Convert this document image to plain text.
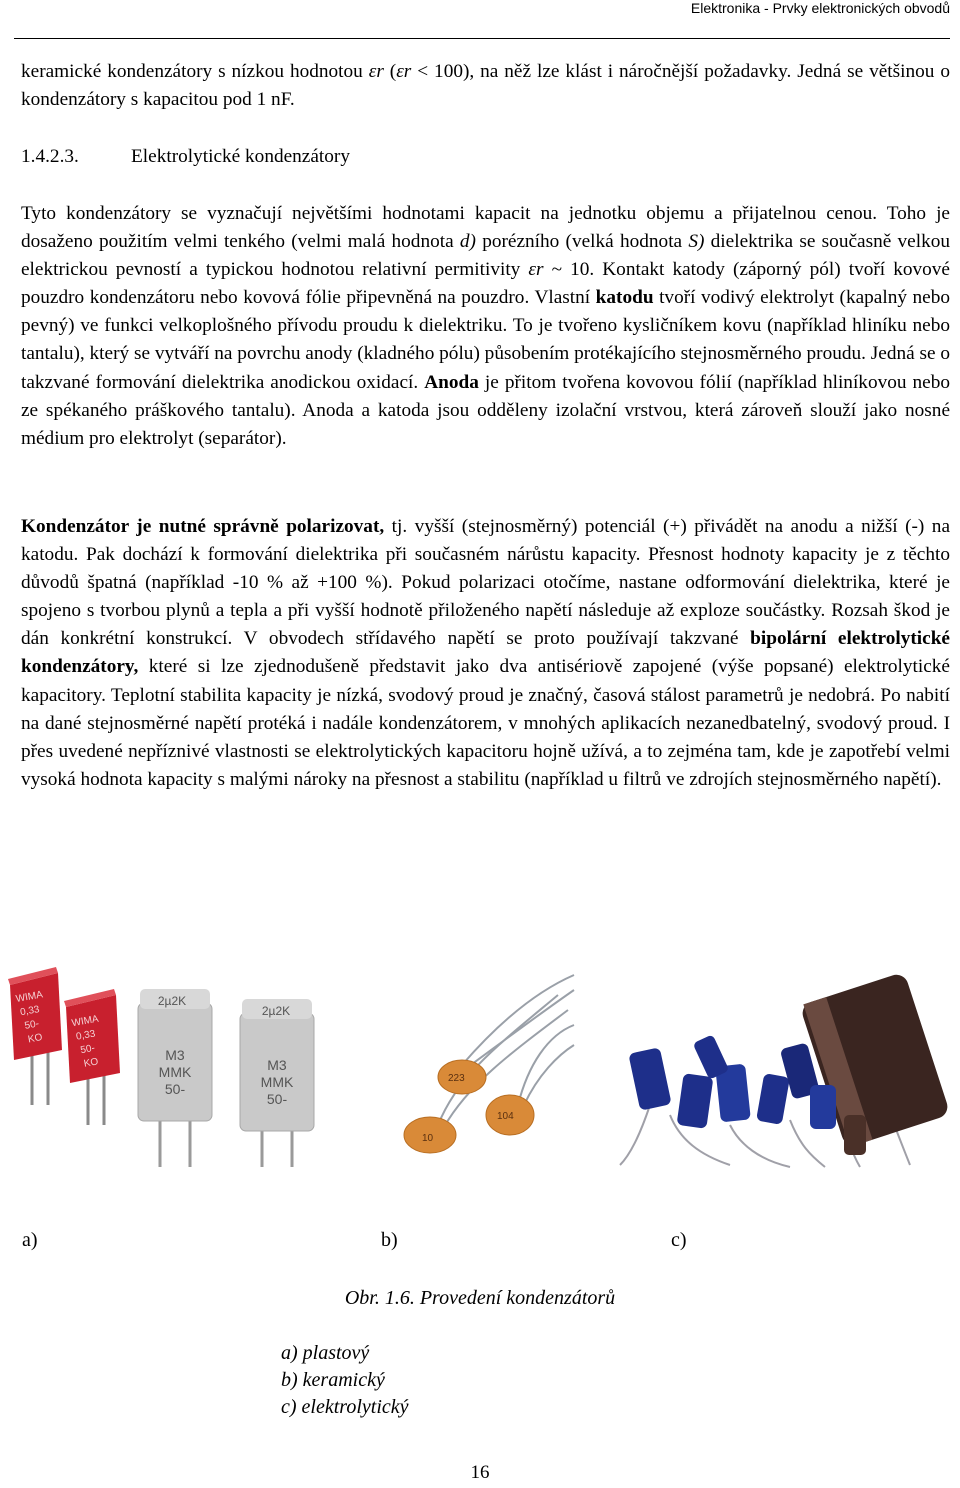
Elektronika - Prvky elektronických obvodů

keramické kondenzátory s nízkou hodnotou εr (εr < 100), na něž lze klást i náročnější požadavky. Jedná se většinou o kondenzátory s kapacitou pod 1 nF.

1.4.2.3.	Elektrolytické kondenzátory

Tyto kondenzátory se vyznačují největšími hodnotami kapacit na jednotku objemu a přijatelnou cenou. Toho je dosaženo použitím velmi tenkého (velmi malá hodnota d) porézního (velká hodnota S) dielektrika se současně velkou elektrickou pevností a typickou hodnotou relativní permitivity εr ~ 10. Kontakt katody (záporný pól) tvoří kovové pouzdro kondenzátoru nebo kovová fólie připevněná na pouzdro. Vlastní katodu tvoří vodivý elektrolyt (kapalný nebo pevný) ve funkci velkoplošného přívodu proudu k dielektriku. To je tvořeno kysličníkem kovu (například hliníku nebo tantalu), který se vytváří na povrchu anody (kladného pólu) působením protékajícího stejnosměrného proudu. Jedná se o takzvané formování dielektrika anodickou oxidací. Anoda je přitom tvořena kovovou fólií (například hliníkovou nebo ze spékaného práškového tantalu). Anoda a katoda jsou odděleny izolační vrstvou, která zároveň slouží jako nosné médium pro elektrolyt (separátor).

Kondenzátor je nutné správně polarizovat, tj. vyšší (stejnosměrný) potenciál (+) přivádět na anodu a nižší (-) na katodu. Pak dochází k formování dielektrika při současném nárůstu kapacity. Přesnost hodnoty kapacity je z těchto důvodů špatná (například -10 % až +100 %). Pokud polarizaci otočíme, nastane odformování dielektrika, které je spojeno s tvorbou plynů a tepla a při vyšší hodnotě přiloženého napětí následuje až exploze součástky. Rozsah škod je dán konkrétní konstrukcí. V obvodech střídavého napětí se proto používají takzvané bipolární elektrolytické kondenzátory, které si lze zjednodušeně představit jako dva antisériově zapojené (výše popsané) elektrolytické kapacitory. Teplotní stabilita kapacity je nízká, svodový proud je značný, časová stálost parametrů je nedobrá. Po nabití na dané stejnosměrné napětí protéká i nadále kondenzátorem, v mnohých aplikacích nezanedbatelný, svodový proud. I přes uvedené nepříznivé vlastnosti se elektrolytických kapacitoru hojně užívá, a to zejména tam, kde je zapotřebí velmi vysoká hodnota kapacity s malými nároky na přesnost a stabilitu (například u filtrů ve zdrojích stejnosměrného napětí).

WIMA
0,33
50-
KO
WIMA
0,33
50-
KO
2µ2K
M3
MMK
50-
2µ2K
M3
MMK
50-
10
223
104
a)	b)	c)
Obr. 1.6. Provedení kondenzátorů
a) plastový
b) keramický
c) elektrolytický
16
